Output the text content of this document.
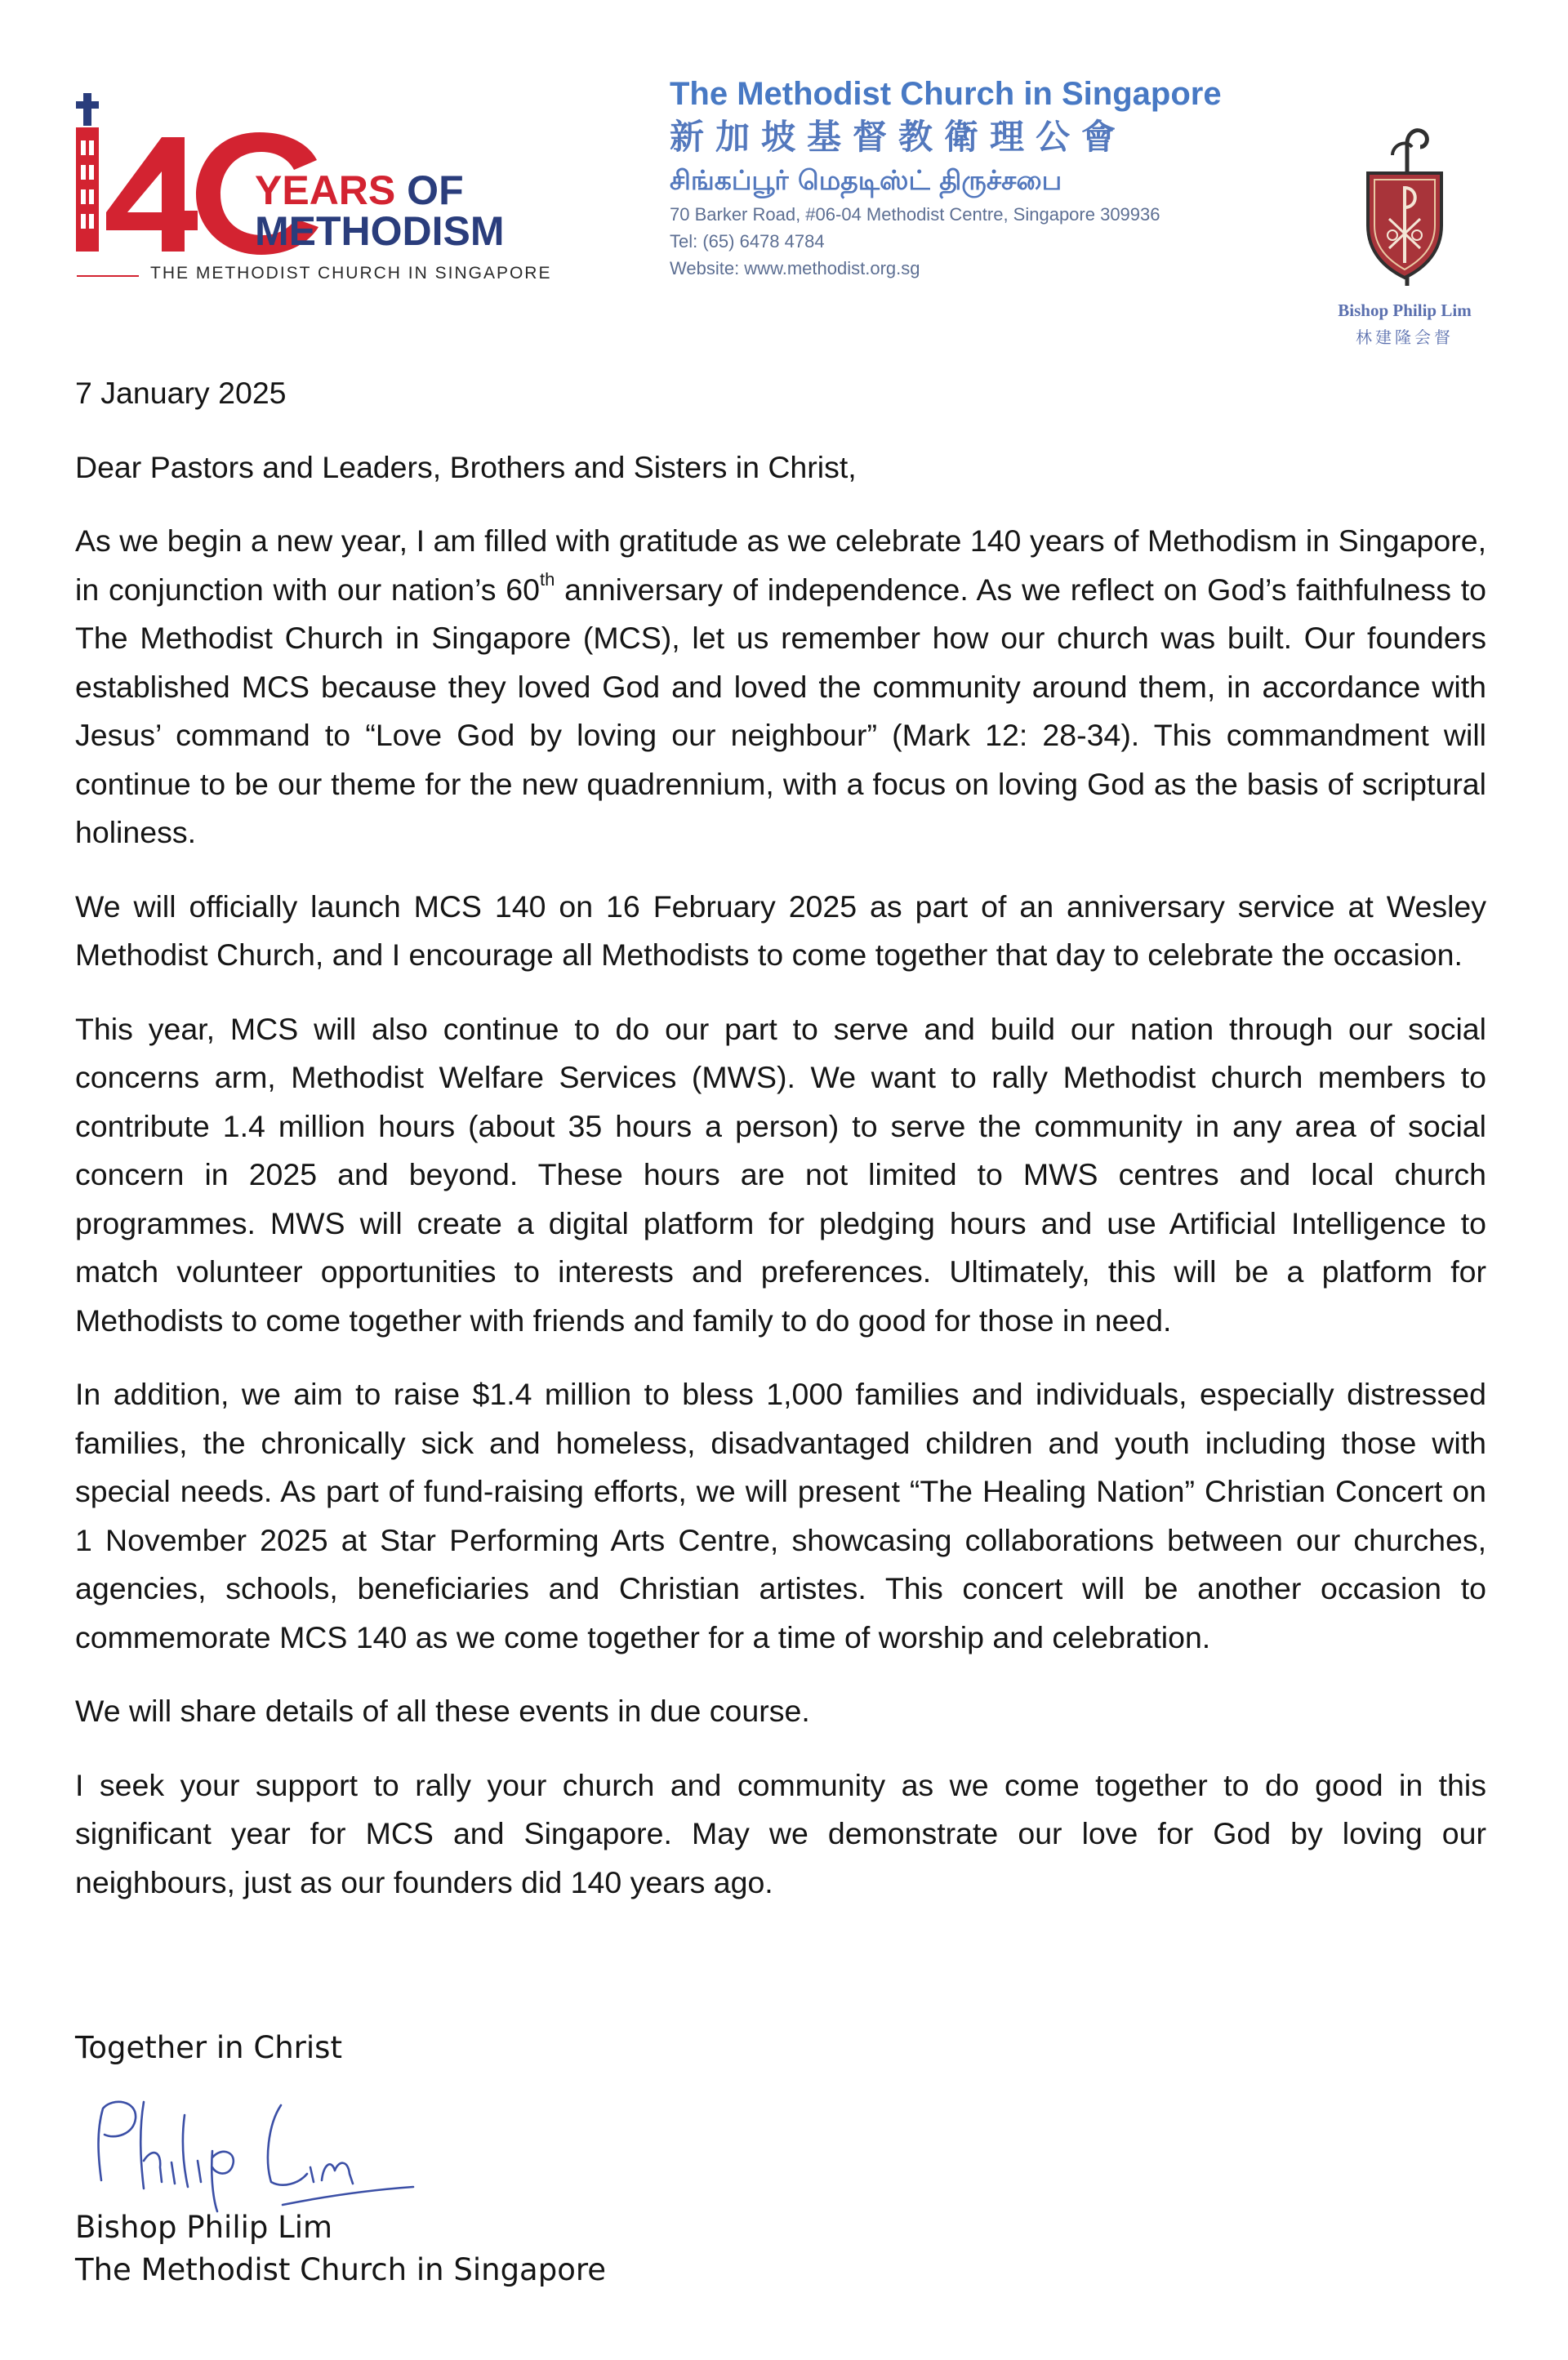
YEARS OF
METHODISM
THE METHODIST CHURCH IN SINGAPORE
The Methodist Church in Singapore
新加坡基督教衛理公會
சிங்கப்பூர் மெதடிஸ்ட் திருச்சபை
70 Barker Road, #06-04 Methodist Centre, Singapore 309936
Tel: (65) 6478 4784
Website: www.methodist.org.sg
Bishop Philip Lim
林建隆会督

7 January 2025

Dear Pastors and Leaders, Brothers and Sisters in Christ,

As we begin a new year, I am filled with gratitude as we celebrate 140 years of Methodism in Singapore, in conjunction with our nation’s 60th anniversary of independence. As we reflect on God’s faithfulness to The Methodist Church in Singapore (MCS), let us remember how our church was built. Our founders established MCS because they loved God and loved the community around them, in accordance with Jesus’ command to “Love God by loving our neighbour” (Mark 12: 28-34). This commandment will continue to be our theme for the new quadrennium, with a focus on loving God as the basis of scriptural holiness.

We will officially launch MCS 140 on 16 February 2025 as part of an anniversary service at Wesley Methodist Church, and I encourage all Methodists to come together that day to celebrate the occasion.

This year, MCS will also continue to do our part to serve and build our nation through our social concerns arm, Methodist Welfare Services (MWS). We want to rally Methodist church members to contribute 1.4 million hours (about 35 hours a person) to serve the community in any area of social concern in 2025 and beyond. These hours are not limited to MWS centres and local church programmes. MWS will create a digital platform for pledging hours and use Artificial Intelligence to match volunteer opportunities to interests and preferences. Ultimately, this will be a platform for Methodists to come together with friends and family to do good for those in need.

In addition, we aim to raise $1.4 million to bless 1,000 families and individuals, especially distressed families, the chronically sick and homeless, disadvantaged children and youth including those with special needs. As part of fund-raising efforts, we will present “The Healing Nation” Christian Concert on 1 November 2025 at Star Performing Arts Centre, showcasing collaborations between our churches, agencies, schools, beneficiaries and Christian artistes. This concert will be another occasion to commemorate MCS 140 as we come together for a time of worship and celebration.

We will share details of all these events in due course.

I seek your support to rally your church and community as we come together to do good in this significant year for MCS and Singapore. May we demonstrate our love for God by loving our neighbours, just as our founders did 140 years ago.

Together in Christ
Bishop Philip Lim
The Methodist Church in Singapore
